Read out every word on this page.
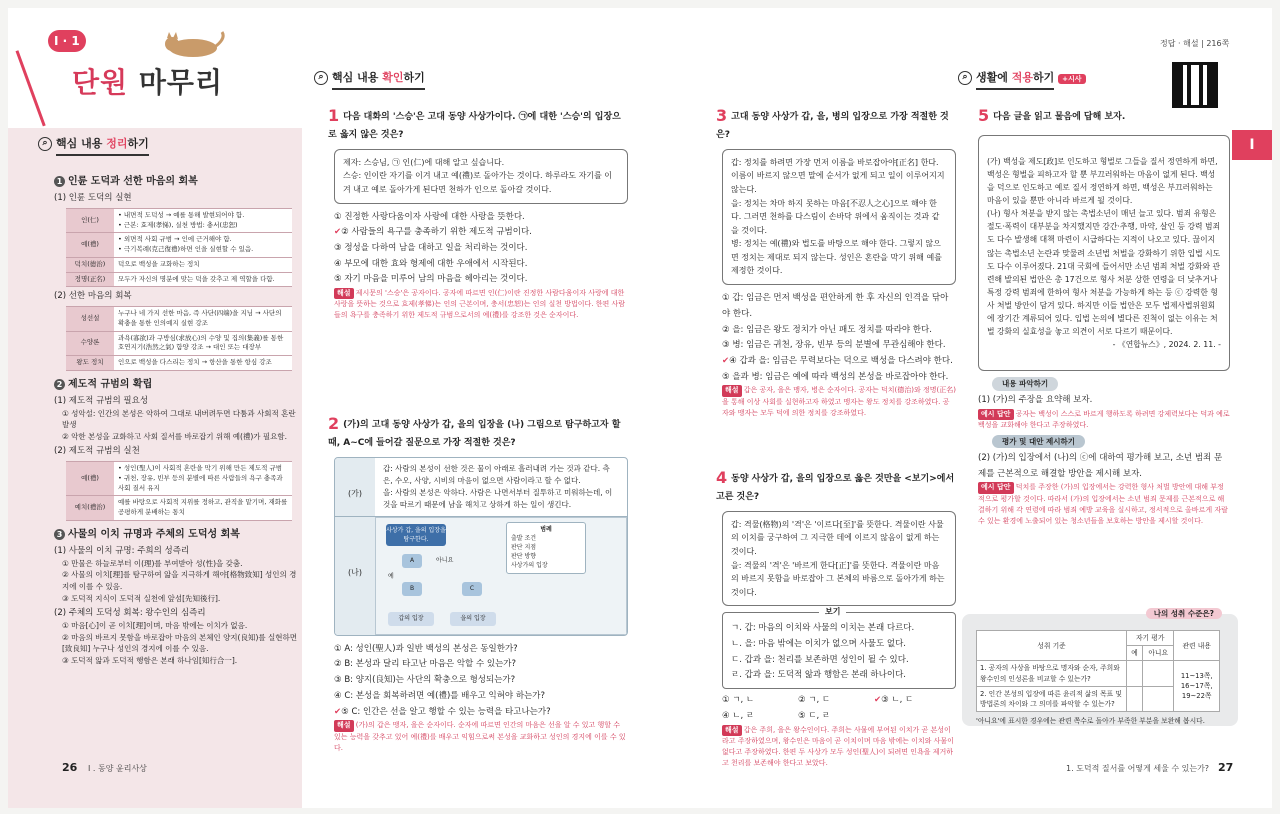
I · 1
단원 마무리
⌕ 핵심 내용 정리하기
1 인륜 도덕과 선한 마음의 회복
(1) 인륜 도덕의 실현
인(仁)	• 내면적 도덕성 → 예를 통해 발현되어야 함.
• 근본: 효제(孝悌), 실천 방법: 충서(忠恕)
예(禮)	• 외면적 사회 규범 → 인에 근거해야 함.
• 극기복례(克己復禮)하면 인을 실현할 수 있음.
덕치(德治)	덕으로 백성을 교화하는 정치
정명(正名)	모두가 자신의 명분에 맞는 덕을 갖추고 제 역할을 다함.
(2) 선한 마음의 회복
성선설	누구나 네 가지 선한 마음, 즉 사단(四端)을 지님 → 사단의 확충을 통한 인의예지 실현 강조
수양론	과욕(寡欲)과 구방심(求放心)의 수양 및 집의(集義)를 통한 호연지기(浩然之氣) 함양 강조 → 대인 또는 대장부
왕도 정치	인으로 백성을 다스리는 정치 → 항산을 통한 항심 강조
2 제도적 규범의 확립
(1) 제도적 규범의 필요성
① 성악설: 인간의 본성은 악하여 그대로 내버려두면 다툼과 사회적 혼란 발생
② 악한 본성을 교화하고 사회 질서를 바로잡기 위해 예(禮)가 필요함.
(2) 제도적 규범의 실천
예(禮)	• 성인(聖人)이 사회적 혼란을 막기 위해 만든 제도적 규범
• 귀천, 장유, 빈부 등의 분별에 따른 사람들의 욕구 충족과 사회 질서 유지
예치(禮治)	예를 바탕으로 사회적 지위를 정하고, 관직을 맡기며, 재화를 공평하게 분배하는 통치
3 사물의 이치 규명과 주체의 도덕성 회복
(1) 사물의 이치 규명: 주희의 성즉리
① 만물은 하늘로부터 이(理)를 부여받아 성(性)을 갖춤.
② 사물의 이치[理]를 탐구하여 앎을 지극하게 해야[格物致知] 성인의 경지에 이를 수 있음.
③ 도덕적 지식이 도덕적 실천에 앞섬[先知後行].
(2) 주체의 도덕성 회복: 왕수인의 심즉리
① 마음[心]이 곧 이치[理]이며, 마음 밖에는 이치가 없음.
② 마음의 바르지 못함을 바로잡아 마음의 본체인 양지(良知)를 실현하면[致良知] 누구나 성인의 경지에 이를 수 있음.
③ 도덕적 앎과 도덕적 행함은 본래 하나임[知行合一].
⌕ 핵심 내용 확인하기
1 다음 대화의 '스승'은 고대 동양 사상가이다. ㉠에 대한 '스승'의 입장으로 옳지 않은 것은?
제자: 스승님, ㉠ 인(仁)에 대해 알고 싶습니다.
스승: 인이란 자기를 이겨 내고 예(禮)로 돌아가는 것이다. 하루라도 자기를 이겨 내고 예로 돌아가게 된다면 천하가 인으로 돌아갈 것이다.
① 진정한 사랑다움이자 사랑에 대한 사랑을 뜻한다.
✔② 사람들의 욕구를 충족하기 위한 제도적 규범이다.
③ 정성을 다하여 남을 대하고 일을 처리하는 것이다.
④ 부모에 대한 효와 형제에 대한 우애에서 시작된다.
⑤ 자기 마음을 미루어 남의 마음을 헤아리는 것이다.
해설 제시문의 '스승'은 공자이다. 공자에 따르면 인(仁)이란 진정한 사람다움이자 사랑에 대한 사랑을 뜻하는 것으로 효제(孝悌)는 인의 근본이며, 충서(忠恕)는 인의 실천 방법이다. 한편 사람들의 욕구를 충족하기 위한 제도적 규범으로서의 예(禮)를 강조한 것은 순자이다.
2 (가)의 고대 동양 사상가 갑, 을의 입장을 (나) 그림으로 탐구하고자 할 때, A~C에 들어갈 질문으로 가장 적절한 것은?
(가)
갑: 사람의 본성이 선한 것은 물이 아래로 흘러내려 가는 것과 같다. 측은, 수오, 사양, 시비의 마음이 없으면 사람이라고 할 수 없다.
을: 사람의 본성은 악하다. 사람은 나면서부터 질투하고 미워하는데, 이것을 따르기 때문에 남을 해치고 상하게 하는 일이 생긴다.
(나)
사상가 갑, 을의 입장을 탐구한다.
범례
출발 조건
판단 지점
판단 방향
사상가의 입장
A	아니요
예
B	C
갑의 입장	을의 입장
① A: 성인(聖人)과 일반 백성의 본성은 동일한가?
② B: 본성과 달리 타고난 마음은 악할 수 있는가?
③ B: 양지(良知)는 사단의 확충으로 형성되는가?
④ C: 본성을 회복하려면 예(禮)를 배우고 익혀야 하는가?
✔⑤ C: 인간은 선을 알고 행할 수 있는 능력을 타고나는가?
해설 (가)의 갑은 맹자, 을은 순자이다. 순자에 따르면 인간의 마음은 선을 알 수 있고 행할 수 있는 능력을 갖추고 있어 예(禮)를 배우고 익힘으로써 본성을 교화하고 성인의 경지에 이를 수 있다.
26 I . 동양 윤리사상
정답 · 해설 | 216쪽
I
3 고대 동양 사상가 갑, 을, 병의 입장으로 가장 적절한 것은?
갑: 정치를 하려면 가장 먼저 이름을 바로잡아야[正名] 한다. 이름이 바르지 않으면 말에 순서가 없게 되고 일이 이루어지지 않는다.
을: 정치는 차마 하지 못하는 마음[不忍人之心]으로 해야 한다. 그러면 천하를 다스림이 손바닥 위에서 움직이는 것과 같을 것이다.
병: 정치는 예(禮)와 법도를 바탕으로 해야 한다. 그렇지 않으면 정치는 제대로 되지 않는다. 성인은 혼란을 막기 위해 예를 제정한 것이다.
① 갑: 임금은 먼저 백성을 편안하게 한 후 자신의 인격을 닦아야 한다.
② 을: 임금은 왕도 정치가 아닌 패도 정치를 따라야 한다.
③ 병: 임금은 귀천, 장유, 빈부 등의 분별에 무관심해야 한다.
✔④ 갑과 을: 임금은 무력보다는 덕으로 백성을 다스려야 한다.
⑤ 을과 병: 임금은 예에 따라 백성의 본성을 바로잡아야 한다.
해설 갑은 공자, 을은 맹자, 병은 순자이다. 공자는 덕치(德治)와 정명(正名)을 통해 이상 사회를 실현하고자 하였고 맹자는 왕도 정치를 강조하였다. 공자와 맹자는 모두 덕에 의한 정치를 강조하였다.
4 동양 사상가 갑, 을의 입장으로 옳은 것만을 <보기>에서 고른 것은?
갑: 격물(格物)의 '격'은 '이르다[至]'를 뜻한다. 격물이란 사물의 이치를 궁구하여 그 지극한 데에 이르지 않음이 없게 하는 것이다.
을: 격물의 '격'은 '바르게 한다[正]'를 뜻한다. 격물이란 마음의 바르지 못함을 바로잡아 그 본체의 바름으로 돌아가게 하는 것이다.
보기
ㄱ. 갑: 마음의 이치와 사물의 이치는 본래 다르다.
ㄴ. 을: 마음 밖에는 이치가 없으며 사물도 없다.
ㄷ. 갑과 을: 천리를 보존하면 성인이 될 수 있다.
ㄹ. 갑과 을: 도덕적 앎과 행함은 본래 하나이다.
① ㄱ, ㄴ	② ㄱ, ㄷ	✔③ ㄴ, ㄷ
④ ㄴ, ㄹ	⑤ ㄷ, ㄹ
해설 갑은 주희, 을은 왕수인이다. 주희는 사물에 부여된 이치가 곧 본성이라고 주장하였으며, 왕수인은 마음이 곧 이치이며 마음 밖에는 이치와 사물이 없다고 주장하였다. 한편 두 사상가 모두 성인(聖人)이 되려면 인욕을 제거하고 천리를 보존해야 한다고 보았다.
⌕ 생활에 적용하기 +시사
5 다음 글을 읽고 물음에 답해 보자.

(가) 백성을 제도[政]로 인도하고 형벌로 그들을 질서 정연하게 하면, 백성은 형벌을 피하고자 할 뿐 부끄러워하는 마음이 없게 된다. 백성을 덕으로 인도하고 예로 질서 정연하게 하면, 백성은 부끄러워하는 마음이 있을 뿐만 아니라 바르게 될 것이다.
(나) 형사 처분을 받지 않는 촉법소년이 매년 늘고 있다. 범죄 유형은 절도·폭력이 대부분을 차지했지만 강간·추행, 마약, 살인 등 강력 범죄도 다수 발생해 대책 마련이 시급하다는 지적이 나오고 있다. 끊이지 않는 촉법소년 논란과 맞물려 소년법 처벌을 강화하기 위한 입법 시도도 다수 이루어졌다. 21대 국회에 들어서만 소년 범죄 처벌 강화와 관련해 발의된 법안은 총 17건으로 형사 처분 상한 연령을 더 낮추거나 특정 강력 범죄에 한하여 형사 처분을 가능하게 하는 등 ⓒ 강력한 형사 처벌 방안이 담겨 있다. 하지만 이들 법안은 모두 법제사법위원회에 장기간 계류되어 있다. 입법 논의에 별다른 진척이 없는 이유는 처벌 강화의 실효성을 놓고 의견이 서로 다르기 때문이다.

- 《연합뉴스》, 2024. 2. 11. -

내용 파악하기
(1) (가)의 주장을 요약해 보자.
예시 답안 공자는 백성이 스스로 바르게 행하도록 하려면 강제력보다는 덕과 예로 백성을 교화해야 한다고 주장하였다.
평가 및 대안 제시하기
(2) (가)의 입장에서 (나)의 ⓒ에 대하여 평가해 보고, 소년 범죄 문제를 근본적으로 해결할 방안을 제시해 보자.
예시 답안 덕치를 주장한 (가)의 입장에서는 강력한 형사 처벌 방안에 대해 부정적으로 평가할 것이다. 따라서 (가)의 입장에서는 소년 범죄 문제를 근본적으로 해결하기 위해 각 연령에 따라 범죄 예방 교육을 실시하고, 정서적으로 올바르게 자랄 수 있는 환경에 노출되어 있는 청소년들을 보호하는 방안을 제시할 것이다.
나의 성취 수준은?
성취 기준	자기 평가		관련 내용
	예	아니요	
1. 공자의 사상을 바탕으로 명자와 순자, 주희와 왕수인의 인성론을 비교할 수 있는가?			11~13쪽,
16~17쪽,
19~22쪽
2. 인간 본성의 입장에 따른 윤리적 삶의 목표 및 방법론의 차이와 그 의미를 파악할 수 있는가?			
'아니요'에 표시한 경우에는 관련 쪽수로 돌아가 부족한 부분을 보완해 봅시다.
1. 도덕적 질서를 어떻게 세울 수 있는가? 27
